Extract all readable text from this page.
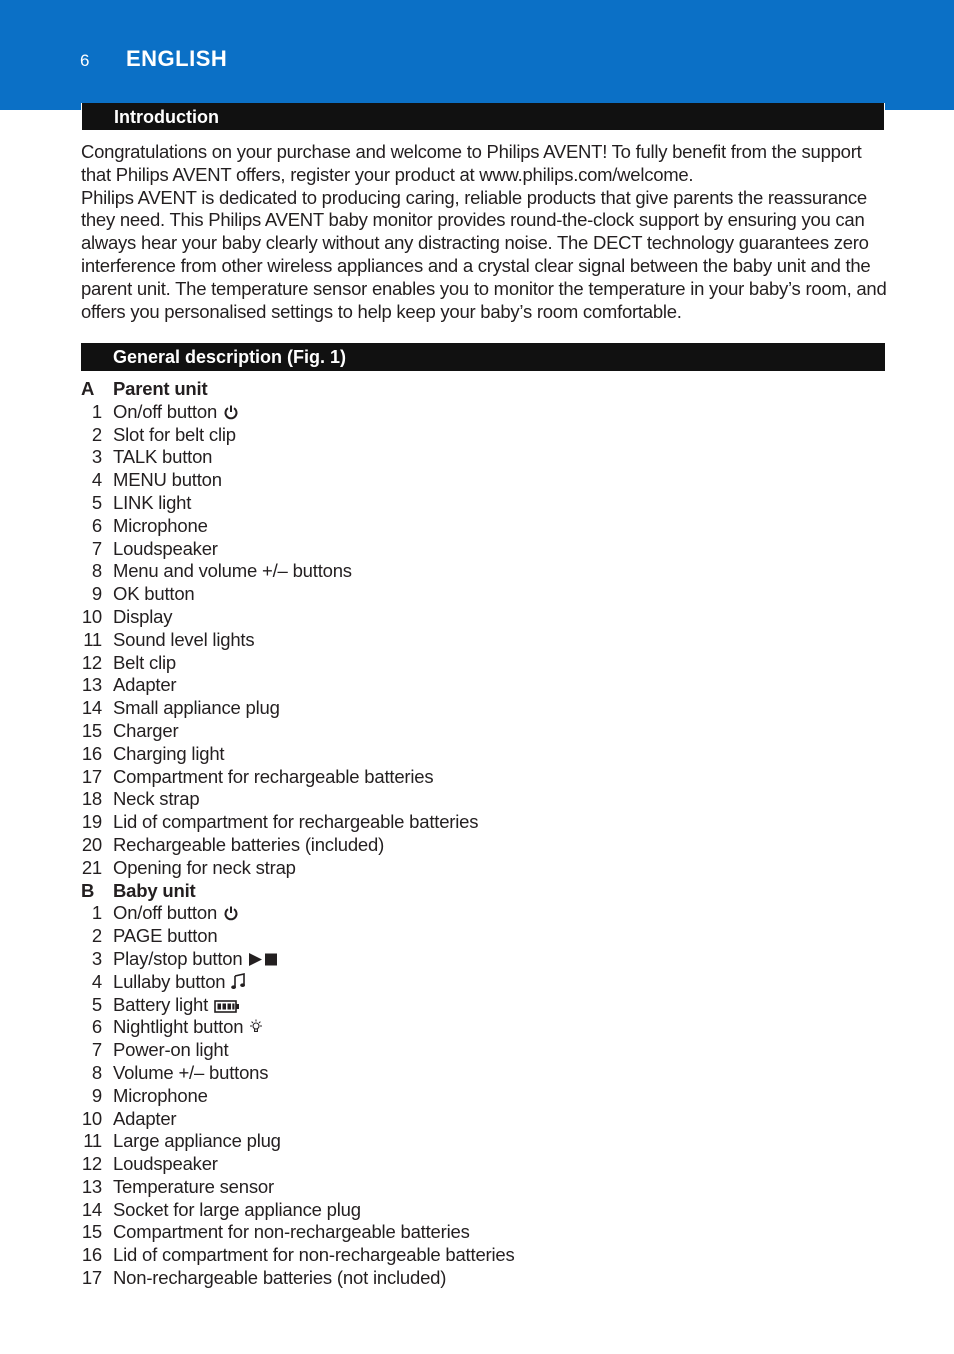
6 ENGLISH
Introduction

Congratulations on your purchase and welcome to Philips AVENT! To fully benefit from the support that Philips AVENT offers, register your product at www.philips.com/welcome.

Philips AVENT is dedicated to producing caring, reliable products that give parents the reassurance they need. This Philips AVENT baby monitor provides round-the-clock support by ensuring you can always hear your baby clearly without any distracting noise. The DECT technology guarantees zero interference from other wireless appliances and a crystal clear signal between the baby unit and the parent unit. The temperature sensor enables you to monitor the temperature in your baby’s room, and offers you personalised settings to help keep your baby’s room comfortable.

General description (Fig. 1)
A Parent unit
1 On/off button
2 Slot for belt clip
3 TALK button
4 MENU button
5 LINK light
6 Microphone
7 Loudspeaker
8 Menu and volume +/– buttons
9 OK button
10 Display
11 Sound level lights
12 Belt clip
13 Adapter
14 Small appliance plug
15 Charger
16 Charging light
17 Compartment for rechargeable batteries
18 Neck strap
19 Lid of compartment for rechargeable batteries
20 Rechargeable batteries (included)
21 Opening for neck strap
B Baby unit
1 On/off button
2 PAGE button
3 Play/stop button
4 Lullaby button
5 Battery light
6 Nightlight button
7 Power-on light
8 Volume +/– buttons
9 Microphone
10 Adapter
11 Large appliance plug
12 Loudspeaker
13 Temperature sensor
14 Socket for large appliance plug
15 Compartment for non-rechargeable batteries
16 Lid of compartment for non-rechargeable batteries
17 Non-rechargeable batteries (not included)
